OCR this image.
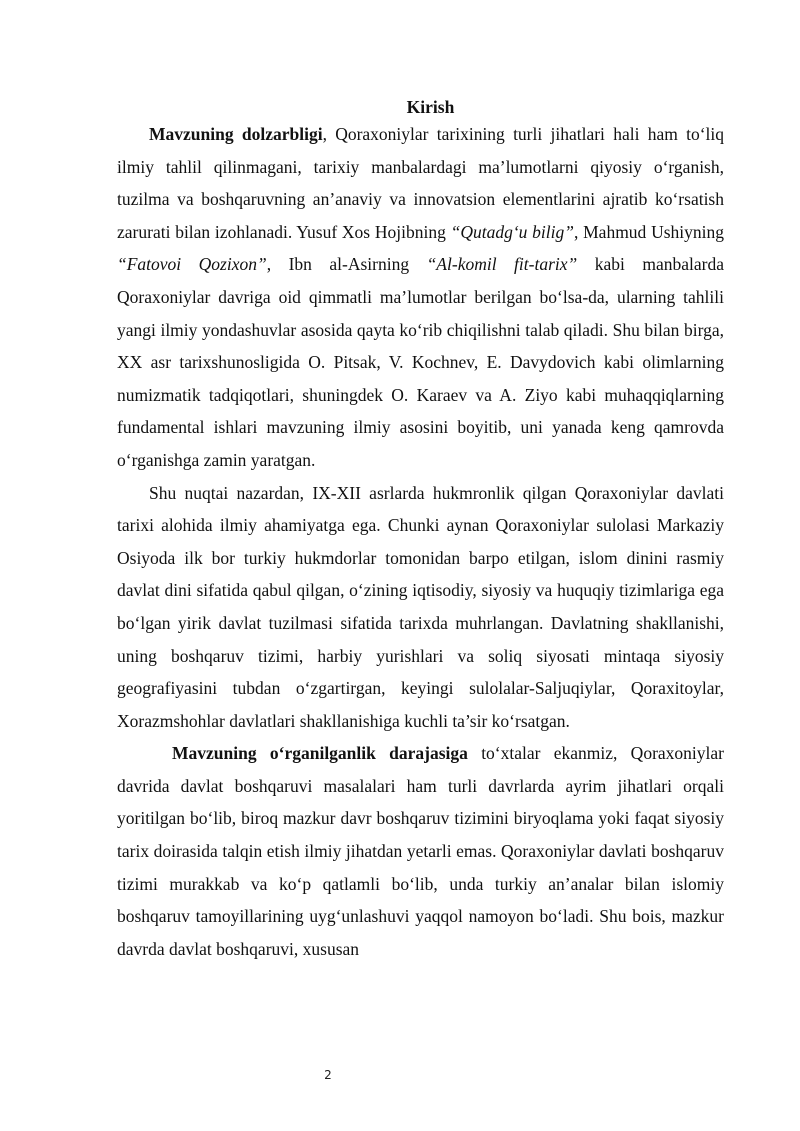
Kirish

Mavzuning dolzarbligi, Qoraxoniylar tarixining turli jihatlari hali ham to‘liq ilmiy tahlil qilinmagani, tarixiy manbalardagi ma’lumotlarni qiyosiy o‘rganish, tuzilma va boshqaruvning an’anaviy va innovatsion elementlarini ajratib ko‘rsatish zarurati bilan izohlanadi. Yusuf Xos Hojibning “Qutadg‘u bilig”, Mahmud Ushiyning “Fatovoi Qozixon”, Ibn al-Asirning “Al-komil fit-tarix” kabi manbalarda Qoraxoniylar davriga oid qimmatli ma’lumotlar berilgan bo‘lsa-da, ularning tahlili yangi ilmiy yondashuvlar asosida qayta ko‘rib chiqilishni talab qiladi. Shu bilan birga, XX asr tarixshunosligida O. Pitsak, V. Kochnev, E. Davydovich kabi olimlarning numizmatik tadqiqotlari, shuningdek O. Karaev va A. Ziyo kabi muhaqqiqlarning fundamental ishlari mavzuning ilmiy asosini boyitib, uni yanada keng qamrovda o‘rganishga zamin yaratgan.

Shu nuqtai nazardan, IX-XII asrlarda hukmronlik qilgan Qoraxoniylar davlati tarixi alohida ilmiy ahamiyatga ega. Chunki aynan Qoraxoniylar sulolasi Markaziy Osiyoda ilk bor turkiy hukmdorlar tomonidan barpo etilgan, islom dinini rasmiy davlat dini sifatida qabul qilgan, o‘zining iqtisodiy, siyosiy va huquqiy tizimlariga ega bo‘lgan yirik davlat tuzilmasi sifatida tarixda muhrlangan. Davlatning shakllanishi, uning boshqaruv tizimi, harbiy yurishlari va soliq siyosati mintaqa siyosiy geografiyasini tubdan o‘zgartirgan, keyingi sulolalar-Saljuqiylar, Qoraxitoylar, Xorazmshohlar davlatlari shakllanishiga kuchli ta’sir ko‘rsatgan.

Mavzuning o‘rganilganlik darajasiga to‘xtalar ekanmiz, Qoraxoniylar davrida davlat boshqaruvi masalalari ham turli davrlarda ayrim jihatlari orqali yoritilgan bo‘lib, biroq mazkur davr boshqaruv tizimini biryoqlama yoki faqat siyosiy tarix doirasida talqin etish ilmiy jihatdan yetarli emas. Qoraxoniylar davlati boshqaruv tizimi murakkab va ko‘p qatlamli bo‘lib, unda turkiy an’analar bilan islomiy boshqaruv tamoyillarining uyg‘unlashuvi yaqqol namoyon bo‘ladi. Shu bois, mazkur davrda davlat boshqaruvi, xususan

2
